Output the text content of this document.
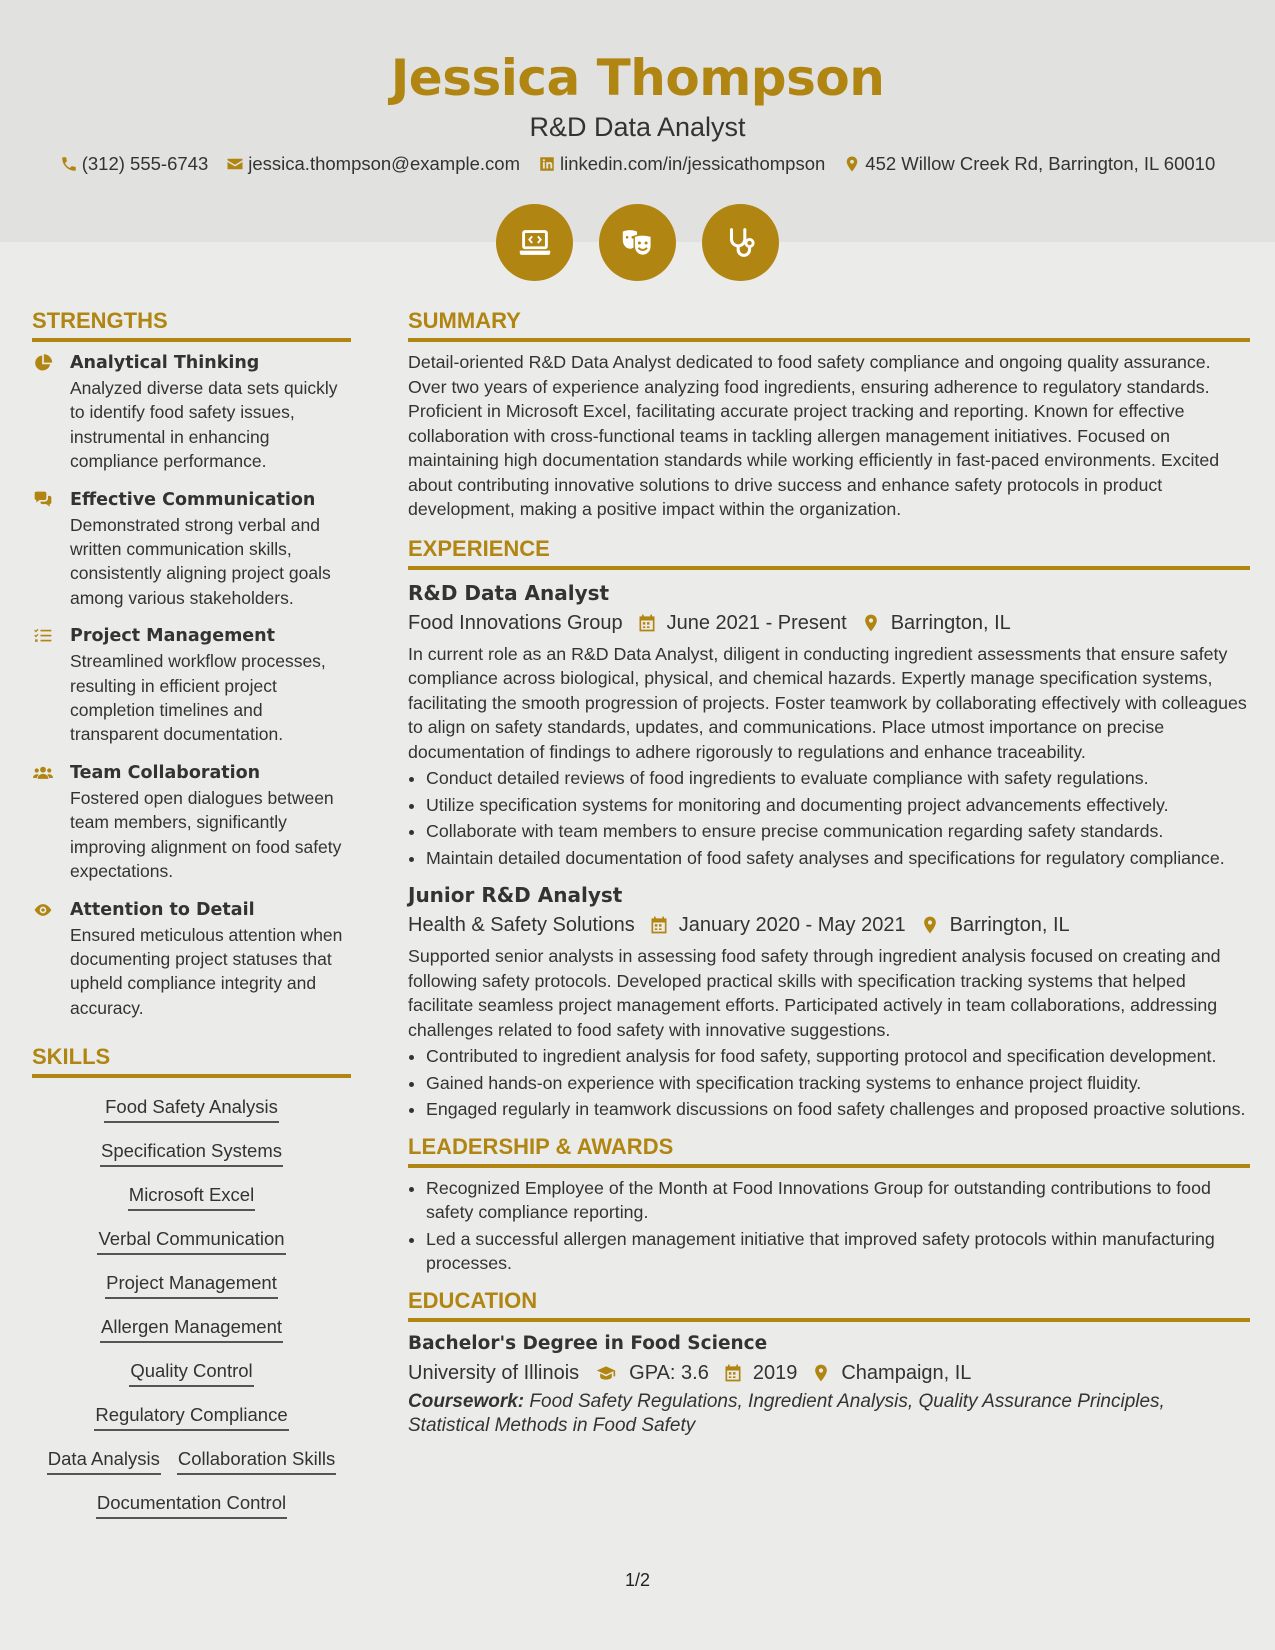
Jessica Thompson
R&D Data Analyst
(312) 555-6743 jessica.thompson@example.com linkedin.com/in/jessicathompson 452 Willow Creek Rd, Barrington, IL 60010
STRENGTHS
Analytical Thinking
Analyzed diverse data sets quickly to identify food safety issues, instrumental in enhancing compliance performance.
Effective Communication
Demonstrated strong verbal and written communication skills, consistently aligning project goals among various stakeholders.
Project Management
Streamlined workflow processes, resulting in efficient project completion timelines and transparent documentation.
Team Collaboration
Fostered open dialogues between team members, significantly improving alignment on food safety expectations.
Attention to Detail
Ensured meticulous attention when documenting project statuses that upheld compliance integrity and accuracy.
SKILLS
Food Safety Analysis
Specification Systems
Microsoft Excel
Verbal Communication
Project Management
Allergen Management
Quality Control
Regulatory Compliance
Data Analysis Collaboration Skills
Documentation Control
SUMMARY
Detail-oriented R&D Data Analyst dedicated to food safety compliance and ongoing quality assurance. Over two years of experience analyzing food ingredients, ensuring adherence to regulatory standards. Proficient in Microsoft Excel, facilitating accurate project tracking and reporting. Known for effective collaboration with cross-functional teams in tackling allergen management initiatives. Focused on maintaining high documentation standards while working efficiently in fast-paced environments. Excited about contributing innovative solutions to drive success and enhance safety protocols in product development, making a positive impact within the organization.
EXPERIENCE
R&D Data Analyst
Food Innovations Group June 2021 - Present Barrington, IL
In current role as an R&D Data Analyst, diligent in conducting ingredient assessments that ensure safety compliance across biological, physical, and chemical hazards. Expertly manage specification systems, facilitating the smooth progression of projects. Foster teamwork by collaborating effectively with colleagues to align on safety standards, updates, and communications. Place utmost importance on precise documentation of findings to adhere rigorously to regulations and enhance traceability.
• Conduct detailed reviews of food ingredients to evaluate compliance with safety regulations.
• Utilize specification systems for monitoring and documenting project advancements effectively.
• Collaborate with team members to ensure precise communication regarding safety standards.
• Maintain detailed documentation of food safety analyses and specifications for regulatory compliance.
Junior R&D Analyst
Health & Safety Solutions January 2020 - May 2021 Barrington, IL
Supported senior analysts in assessing food safety through ingredient analysis focused on creating and following safety protocols. Developed practical skills with specification tracking systems that helped facilitate seamless project management efforts. Participated actively in team collaborations, addressing challenges related to food safety with innovative suggestions.
• Contributed to ingredient analysis for food safety, supporting protocol and specification development.
• Gained hands-on experience with specification tracking systems to enhance project fluidity.
• Engaged regularly in teamwork discussions on food safety challenges and proposed proactive solutions.
LEADERSHIP & AWARDS
• Recognized Employee of the Month at Food Innovations Group for outstanding contributions to food safety compliance reporting.
• Led a successful allergen management initiative that improved safety protocols within manufacturing processes.
EDUCATION
Bachelor's Degree in Food Science
University of Illinois	GPA: 3.6 2019 Champaign, IL
Coursework: Food Safety Regulations, Ingredient Analysis, Quality Assurance Principles, Statistical Methods in Food Safety
1/2
